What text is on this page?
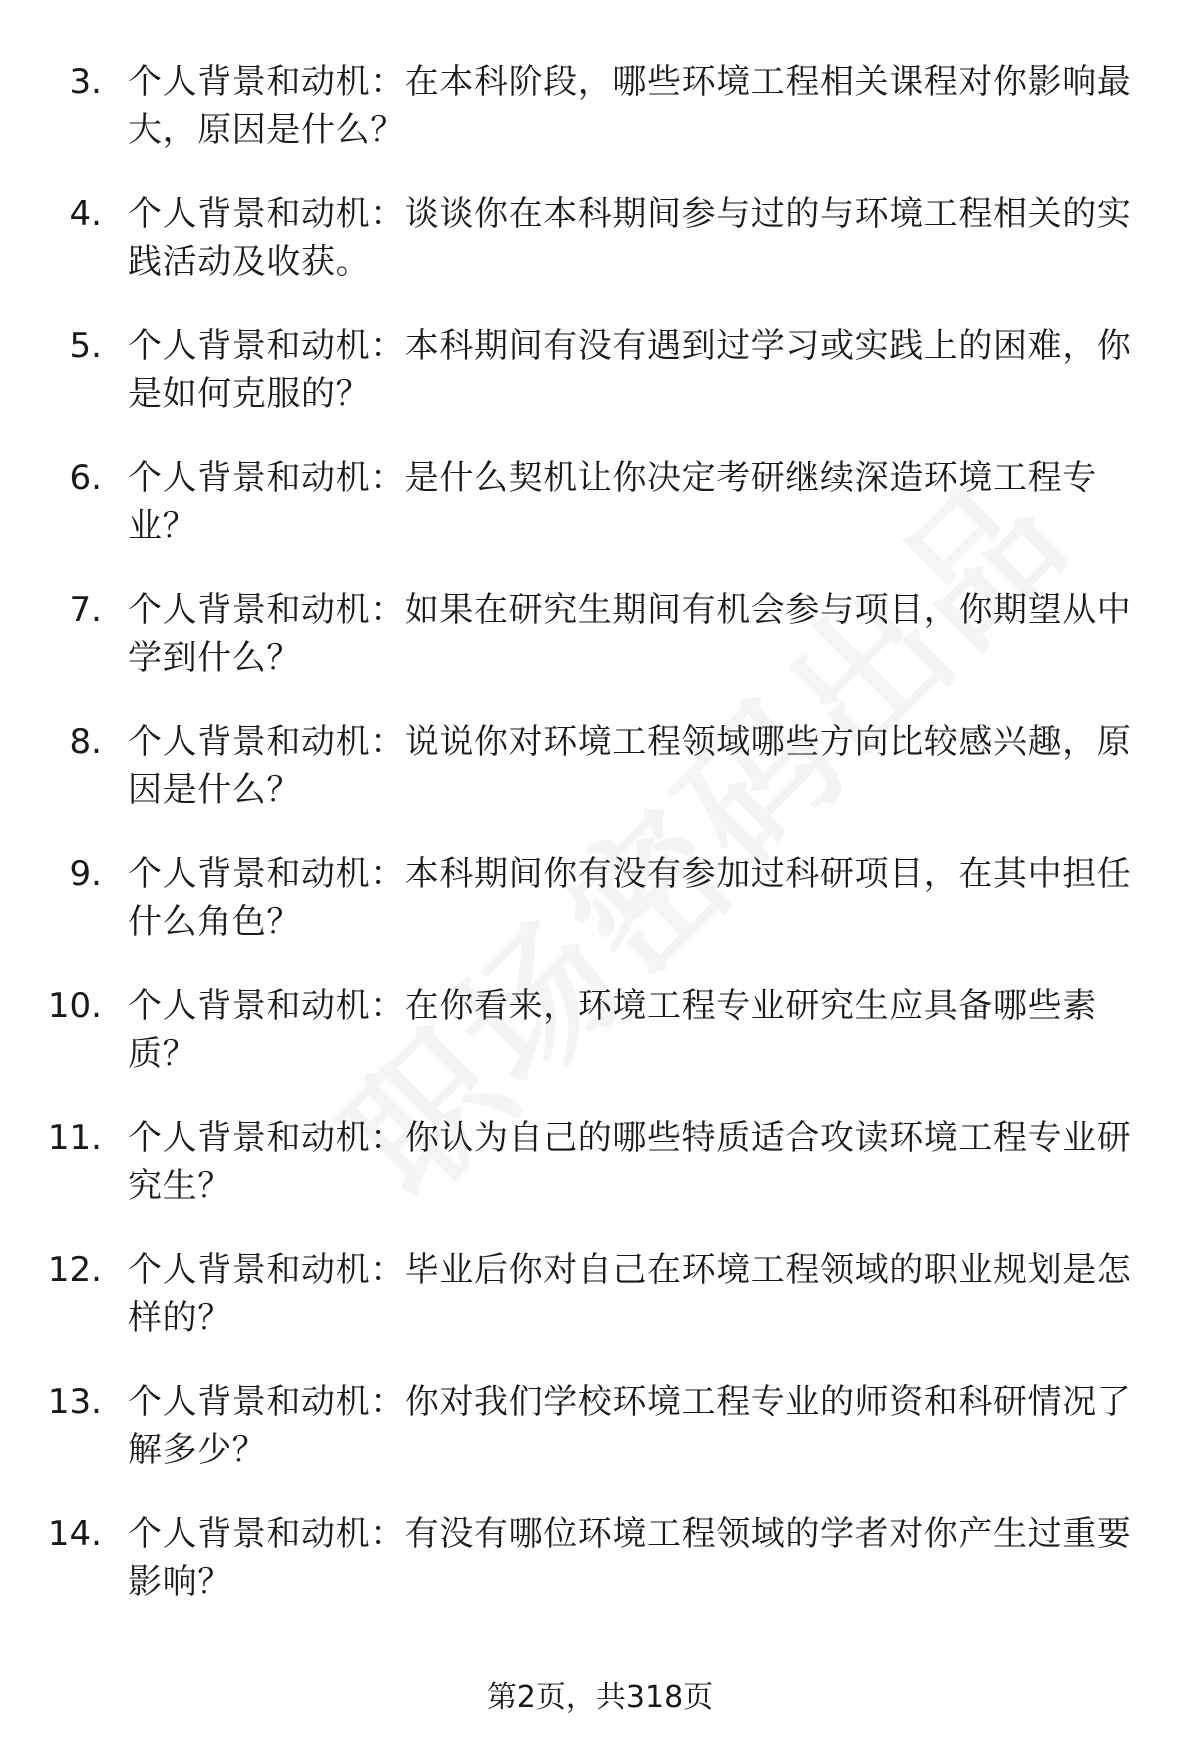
3. 个人背景和动机：在本科阶段，哪些环境工程相关课程对你影响最大，原因是什么？
4. 个人背景和动机：谈谈你在本科期间参与过的与环境工程相关的实践活动及收获。
5. 个人背景和动机：本科期间有没有遇到过学习或实践上的困难，你是如何克服的？
6. 个人背景和动机：是什么契机让你决定考研继续深造环境工程专业？
7. 个人背景和动机：如果在研究生期间有机会参与项目，你期望从中学到什么？
8. 个人背景和动机：说说你对环境工程领域哪些方向比较感兴趣，原因是什么？
9. 个人背景和动机：本科期间你有没有参加过科研项目，在其中担任什么角色？
10. 个人背景和动机：在你看来，环境工程专业研究生应具备哪些素质？
11. 个人背景和动机：你认为自己的哪些特质适合攻读环境工程专业研究生？
12. 个人背景和动机：毕业后你对自己在环境工程领域的职业规划是怎样的？
13. 个人背景和动机：你对我们学校环境工程专业的师资和科研情况了解多少？
14. 个人背景和动机：有没有哪位环境工程领域的学者对你产生过重要影响？
第2页，共318页
